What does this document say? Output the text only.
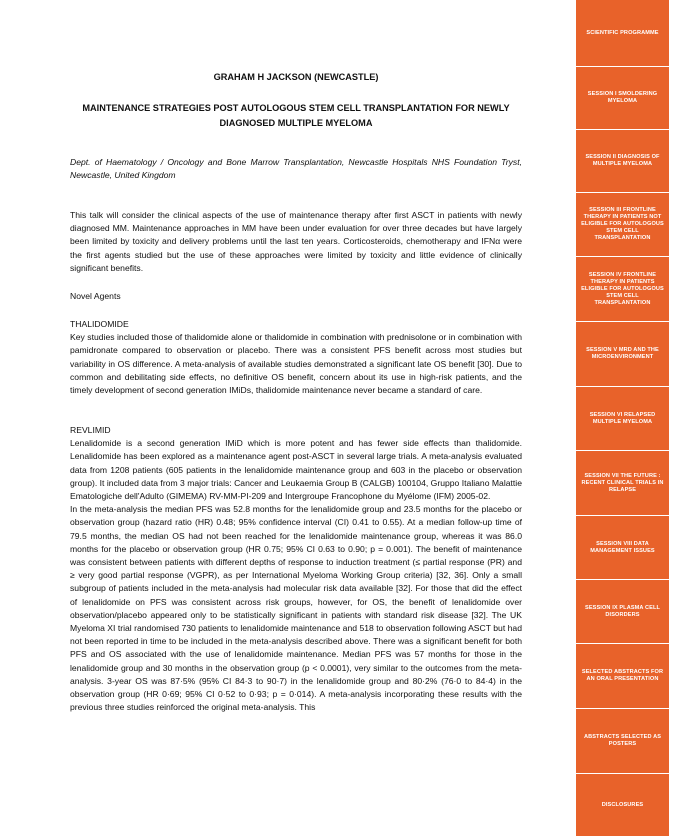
GRAHAM H JACKSON (NEWCASTLE)
MAINTENANCE STRATEGIES POST AUTOLOGOUS STEM CELL TRANSPLANTATION FOR NEWLY DIAGNOSED MULTIPLE MYELOMA
Dept. of Haematology / Oncology and Bone Marrow Transplantation, Newcastle Hospitals NHS Foundation Tryst, Newcastle, United Kingdom
This talk will consider the clinical aspects of the use of maintenance therapy after first ASCT in patients with newly diagnosed MM. Maintenance approaches in MM have been under evaluation for over three decades but have largely been limited by toxicity and delivery problems until the last ten years. Corticosteroids, chemotherapy and IFNα were the first agents studied but the use of these approaches were limited by toxicity and little evidence of clinically significant benefits.
Novel Agents
THALIDOMIDE
Key studies included those of thalidomide alone or thalidomide in combination with prednisolone or in combination with pamidronate compared to observation or placebo. There was a consistent PFS benefit across most studies but variability in OS difference. A meta-analysis of available studies demonstrated a significant late OS benefit [30]. Due to common and debilitating side effects, no definitive OS benefit, concern about its use in high-risk patients, and the timely development of second generation IMiDs, thalidomide maintenance never became a standard of care.
REVLIMID

Lenalidomide is a second generation IMiD which is more potent and has fewer side effects than thalidomide. Lenalidomide has been explored as a maintenance agent post-ASCT in several large trials. A meta-analysis evaluated data from 1208 patients (605 patients in the lenalidomide maintenance group and 603 in the placebo or observation group). It included data from 3 major trials: Cancer and Leukaemia Group B (CALGB) 100104, Gruppo Italiano Malattie Ematologiche dell'Adulto (GIMEMA) RV-MM-PI-209 and Intergroupe Francophone du Myélome (IFM) 2005-02.

In the meta-analysis the median PFS was 52.8 months for the lenalidomide group and 23.5 months for the placebo or observation group (hazard ratio (HR) 0.48; 95% confidence interval (CI) 0.41 to 0.55). At a median follow-up time of 79.5 months, the median OS had not been reached for the lenalidomide maintenance group, whereas it was 86.0 months for the placebo or observation group (HR 0.75; 95% CI 0.63 to 0.90; p = 0.001). The benefit of maintenance was consistent between patients with different depths of response to induction treatment (≤ partial response (PR) and ≥ very good partial response (VGPR), as per International Myeloma Working Group criteria) [32, 36]. Only a small subgroup of patients included in the meta-analysis had molecular risk data available [32]. For those that did the effect of lenalidomide on PFS was consistent across risk groups, however, for OS, the benefit of lenalidomide over observation/placebo appeared only to be statistically significant in patients with standard risk disease [32]. The UK Myeloma XI trial randomised 730 patients to lenalidomide maintenance and 518 to observation following ASCT but had not been reported in time to be included in the meta-analysis described above. There was a significant benefit for both PFS and OS associated with the use of lenalidomide maintenance. Median PFS was 57 months for those in the lenalidomide group and 30 months in the observation group (p < 0.0001), very similar to the outcomes from the meta-analysis. 3-year OS was 87·5% (95% CI 84·3 to 90·7) in the lenalidomide group and 80·2% (76·0 to 84·4) in the observation group (HR 0·69; 95% CI 0·52 to 0·93; p = 0·014). A meta-analysis incorporating these results with the previous three studies reinforced the original meta-analysis. This

SCIENTIFIC PROGRAMME
SESSION I SMOLDERING MYELOMA
SESSION II DIAGNOSIS OF MULTIPLE MYELOMA
SESSION III FRONTLINE THERAPY IN PATIENTS NOT ELIGIBLE FOR AUTOLOGOUS STEM CELL TRANSPLANTATION
SESSION IV FRONTLINE THERAPY IN PATIENTS ELIGIBLE FOR AUTOLOGOUS STEM CELL TRANSPLANTATION
SESSION V MRD AND THE MICROENVIRONMENT
SESSION VI RELAPSED MULTIPLE MYELOMA
SESSION VII THE FUTURE : RECENT CLINICAL TRIALS IN RELAPSE
SESSION VIII DATA MANAGEMENT ISSUES
SESSION IX PLASMA CELL DISORDERS
SELECTED ABSTRACTS FOR AN ORAL PRESENTATION
ABSTRACTS SELECTED AS POSTERS
DISCLOSURES
